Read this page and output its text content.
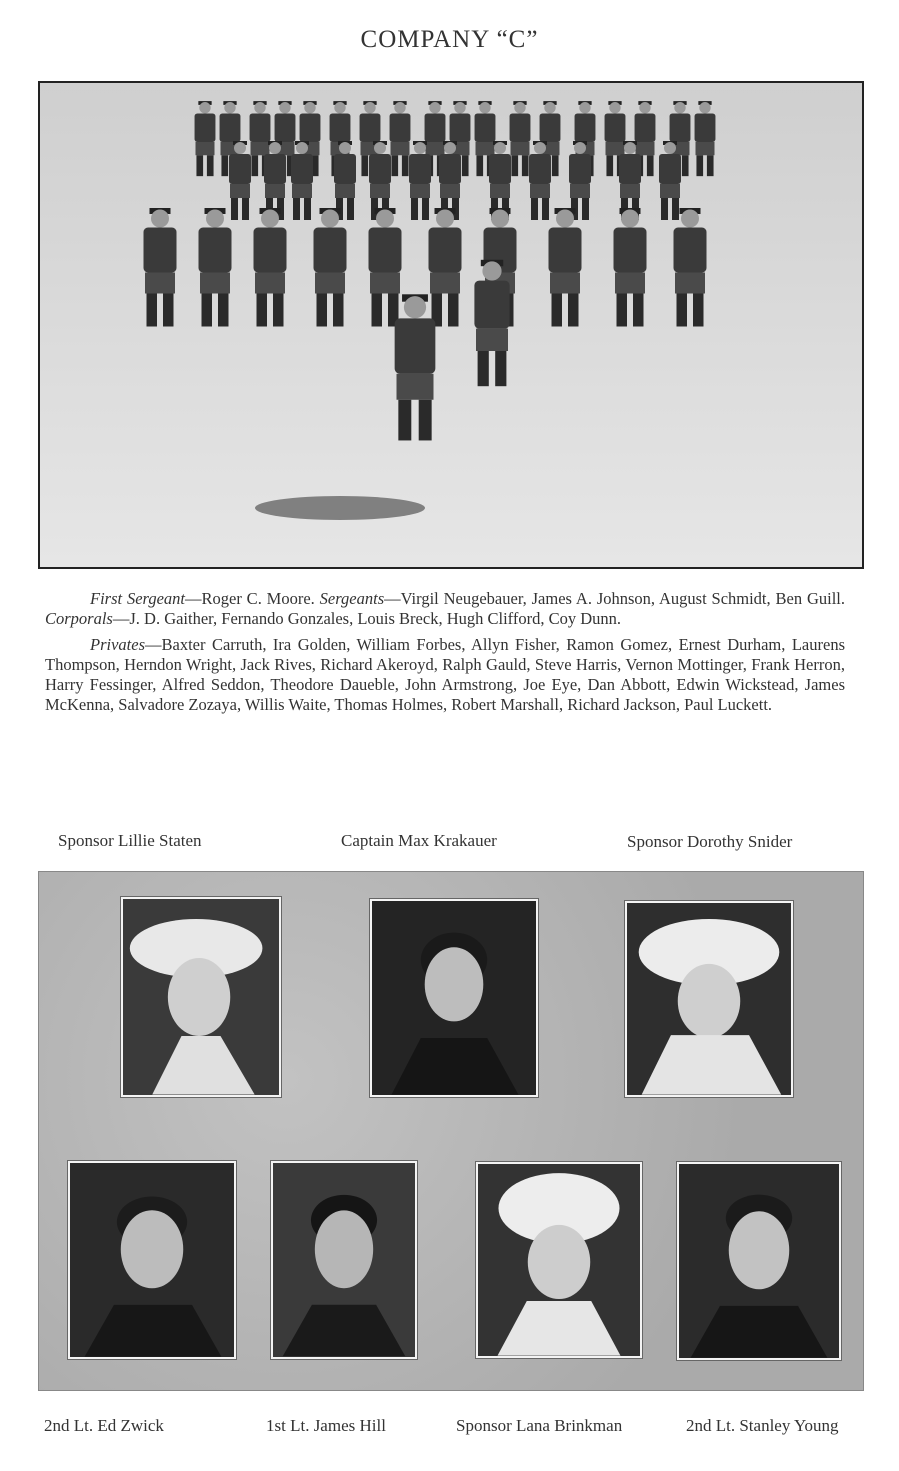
COMPANY “C”

First Sergeant—Roger C. Moore. Sergeants—Virgil Neugebauer, James A. Johnson, August Schmidt, Ben Guill. Corporals—J. D. Gaither, Fernando Gonzales, Louis Breck, Hugh Clifford, Coy Dunn.

Privates—Baxter Carruth, Ira Golden, William Forbes, Allyn Fisher, Ramon Gomez, Ernest Durham, Laurens Thompson, Herndon Wright, Jack Rives, Richard Akeroyd, Ralph Gauld, Steve Harris, Vernon Mottinger, Frank Herron, Harry Fessinger, Alfred Seddon, Theodore Daueble, John Armstrong, Joe Eye, Dan Abbott, Edwin Wickstead, James McKenna, Salvadore Zozaya, Willis Waite, Thomas Holmes, Robert Marshall, Richard Jackson, Paul Luckett.

Sponsor Lillie Staten	Captain Max Krakauer	Sponsor Dorothy Snider
2nd Lt. Ed Zwick	1st Lt. James Hill	Sponsor Lana Brinkman	2nd Lt. Stanley Young
